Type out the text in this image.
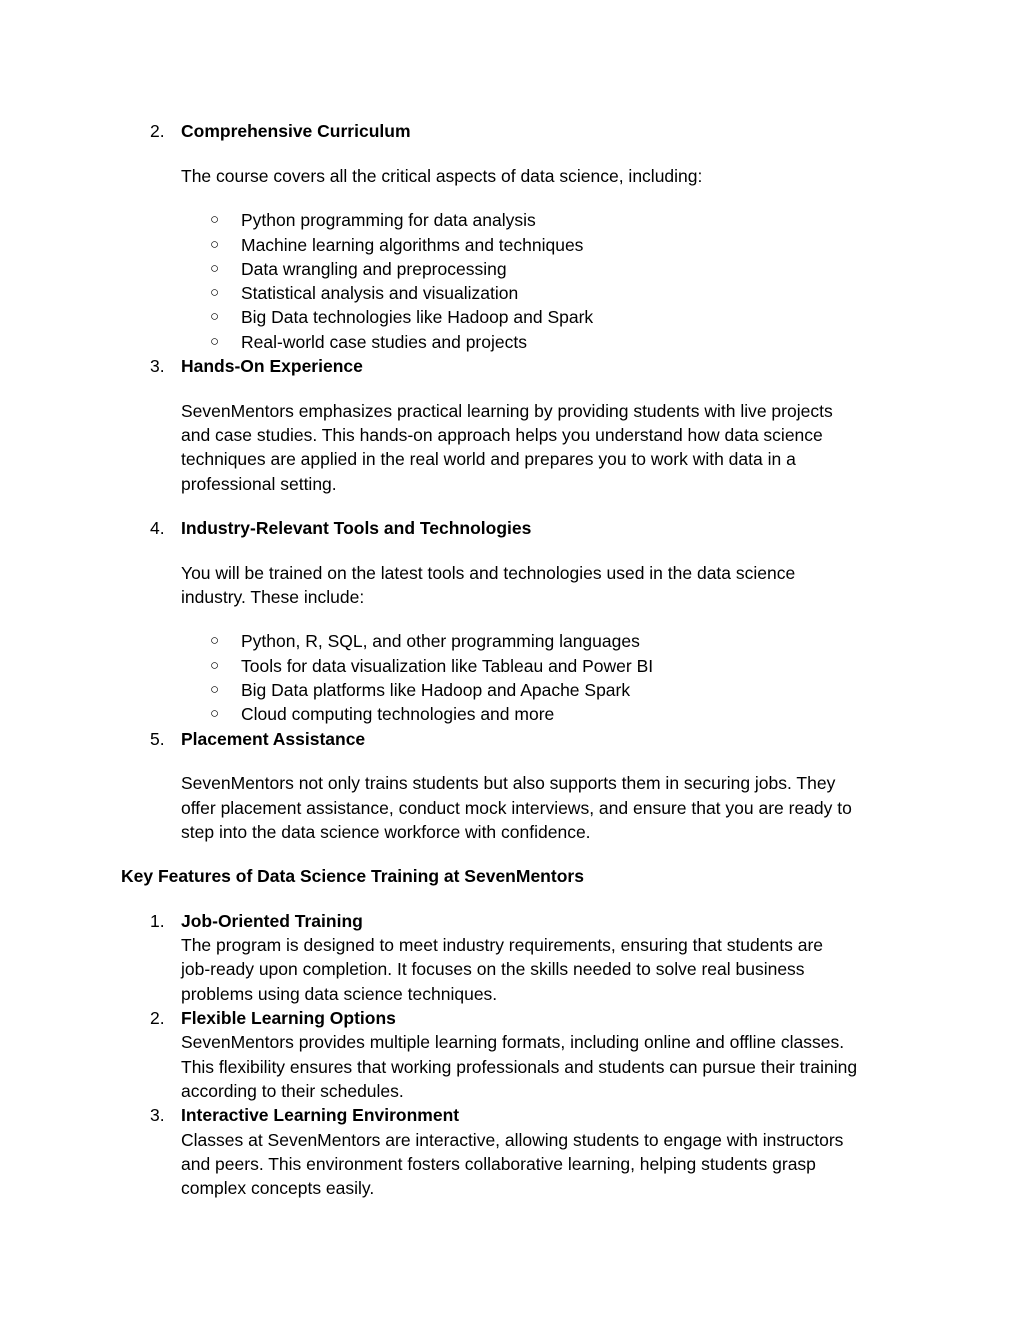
2. Comprehensive Curriculum
The course covers all the critical aspects of data science, including:
○	Python programming for data analysis
○	Machine learning algorithms and techniques
○	Data wrangling and preprocessing
○	Statistical analysis and visualization
○	Big Data technologies like Hadoop and Spark
○	Real-world case studies and projects
3. Hands-On Experience
SevenMentors emphasizes practical learning by providing students with live projects
and case studies. This hands-on approach helps you understand how data science
techniques are applied in the real world and prepares you to work with data in a
professional setting.
4. Industry-Relevant Tools and Technologies
You will be trained on the latest tools and technologies used in the data science
industry. These include:
○	Python, R, SQL, and other programming languages
○	Tools for data visualization like Tableau and Power BI
○	Big Data platforms like Hadoop and Apache Spark
○	Cloud computing technologies and more
5. Placement Assistance
SevenMentors not only trains students but also supports them in securing jobs. They
offer placement assistance, conduct mock interviews, and ensure that you are ready to
step into the data science workforce with confidence.
Key Features of Data Science Training at SevenMentors
1. Job-Oriented Training
The program is designed to meet industry requirements, ensuring that students are
job-ready upon completion. It focuses on the skills needed to solve real business
problems using data science techniques.
2. Flexible Learning Options
SevenMentors provides multiple learning formats, including online and offline classes.
This flexibility ensures that working professionals and students can pursue their training
according to their schedules.
3. Interactive Learning Environment
Classes at SevenMentors are interactive, allowing students to engage with instructors
and peers. This environment fosters collaborative learning, helping students grasp
complex concepts easily.
